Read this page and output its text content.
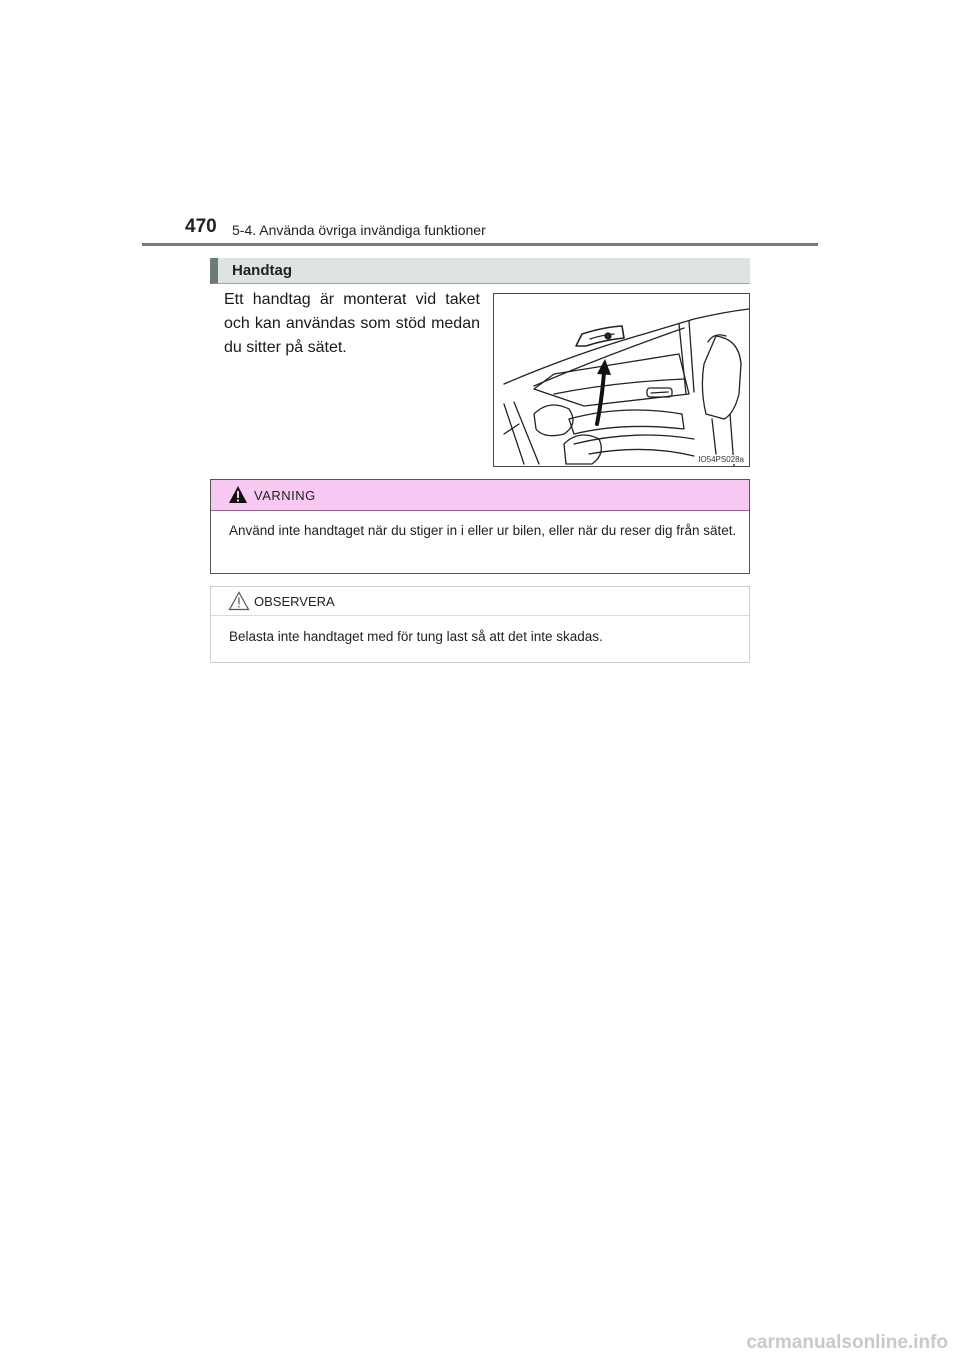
470 5-4. Använda övriga invändiga funktioner
Handtag
Ett handtag är monterat vid taket och kan användas som stöd medan du sitter på sätet.
IO54PS028a
VARNING
Använd inte handtaget när du stiger in i eller ur bilen, eller när du reser dig från sätet.
OBSERVERA
Belasta inte handtaget med för tung last så att det inte skadas.
carmanualsonline.info
